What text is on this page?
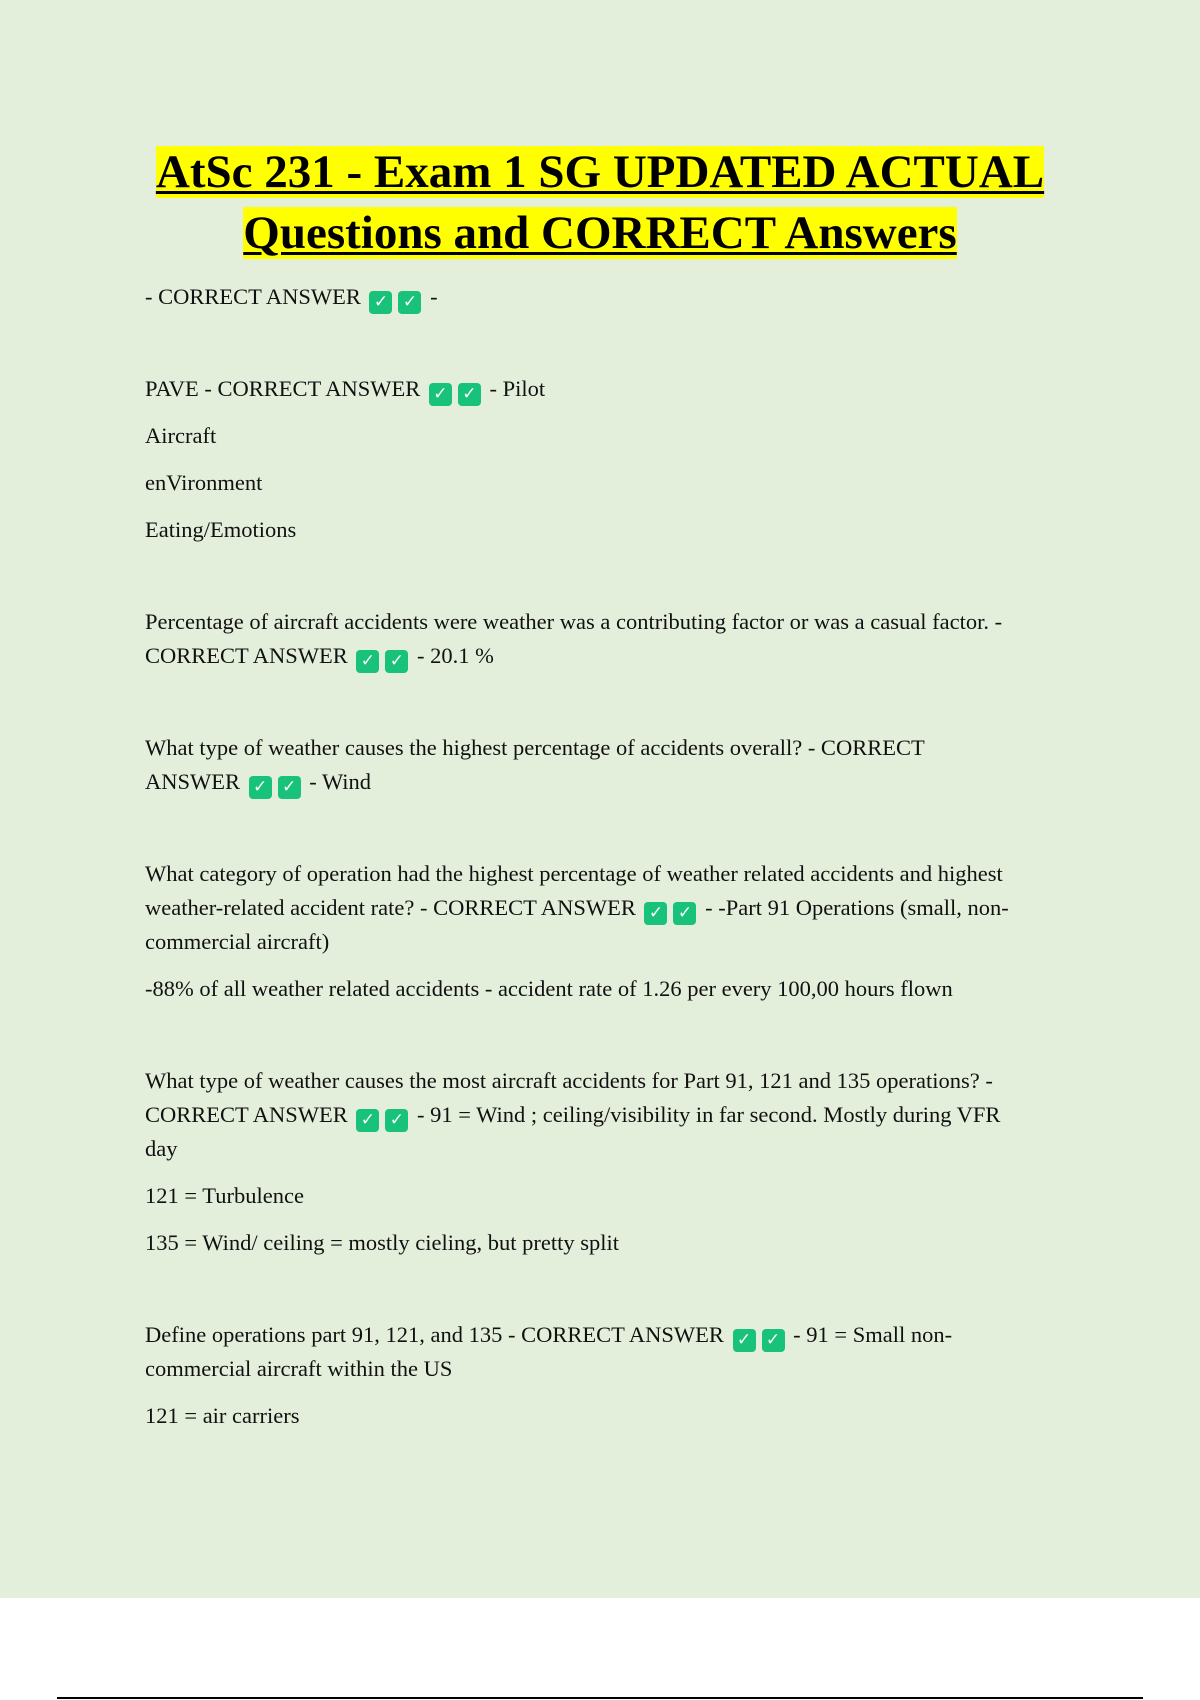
AtSc 231 - Exam 1 SG UPDATED ACTUAL
Questions and CORRECT Answers
- CORRECT ANSWER ✓ ✓ -
PAVE - CORRECT ANSWER ✓ ✓ - Pilot
Aircraft
enVironment
Eating/Emotions
Percentage of aircraft accidents were weather was a contributing factor or was a casual factor. -
CORRECT ANSWER ✓ ✓ - 20.1 %
What type of weather causes the highest percentage of accidents overall? - CORRECT
ANSWER ✓ ✓ - Wind
What category of operation had the highest percentage of weather related accidents and highest
weather-related accident rate? - CORRECT ANSWER ✓ ✓ - -Part 91 Operations (small, non-
commercial aircraft)
-88% of all weather related accidents - accident rate of 1.26 per every 100,00 hours flown
What type of weather causes the most aircraft accidents for Part 91, 121 and 135 operations? -
CORRECT ANSWER ✓ ✓ - 91 = Wind ; ceiling/visibility in far second. Mostly during VFR
day
121 = Turbulence
135 = Wind/ ceiling = mostly cieling, but pretty split
Define operations part 91, 121, and 135 - CORRECT ANSWER ✓ ✓ - 91 = Small non-
commercial aircraft within the US
121 = air carriers
